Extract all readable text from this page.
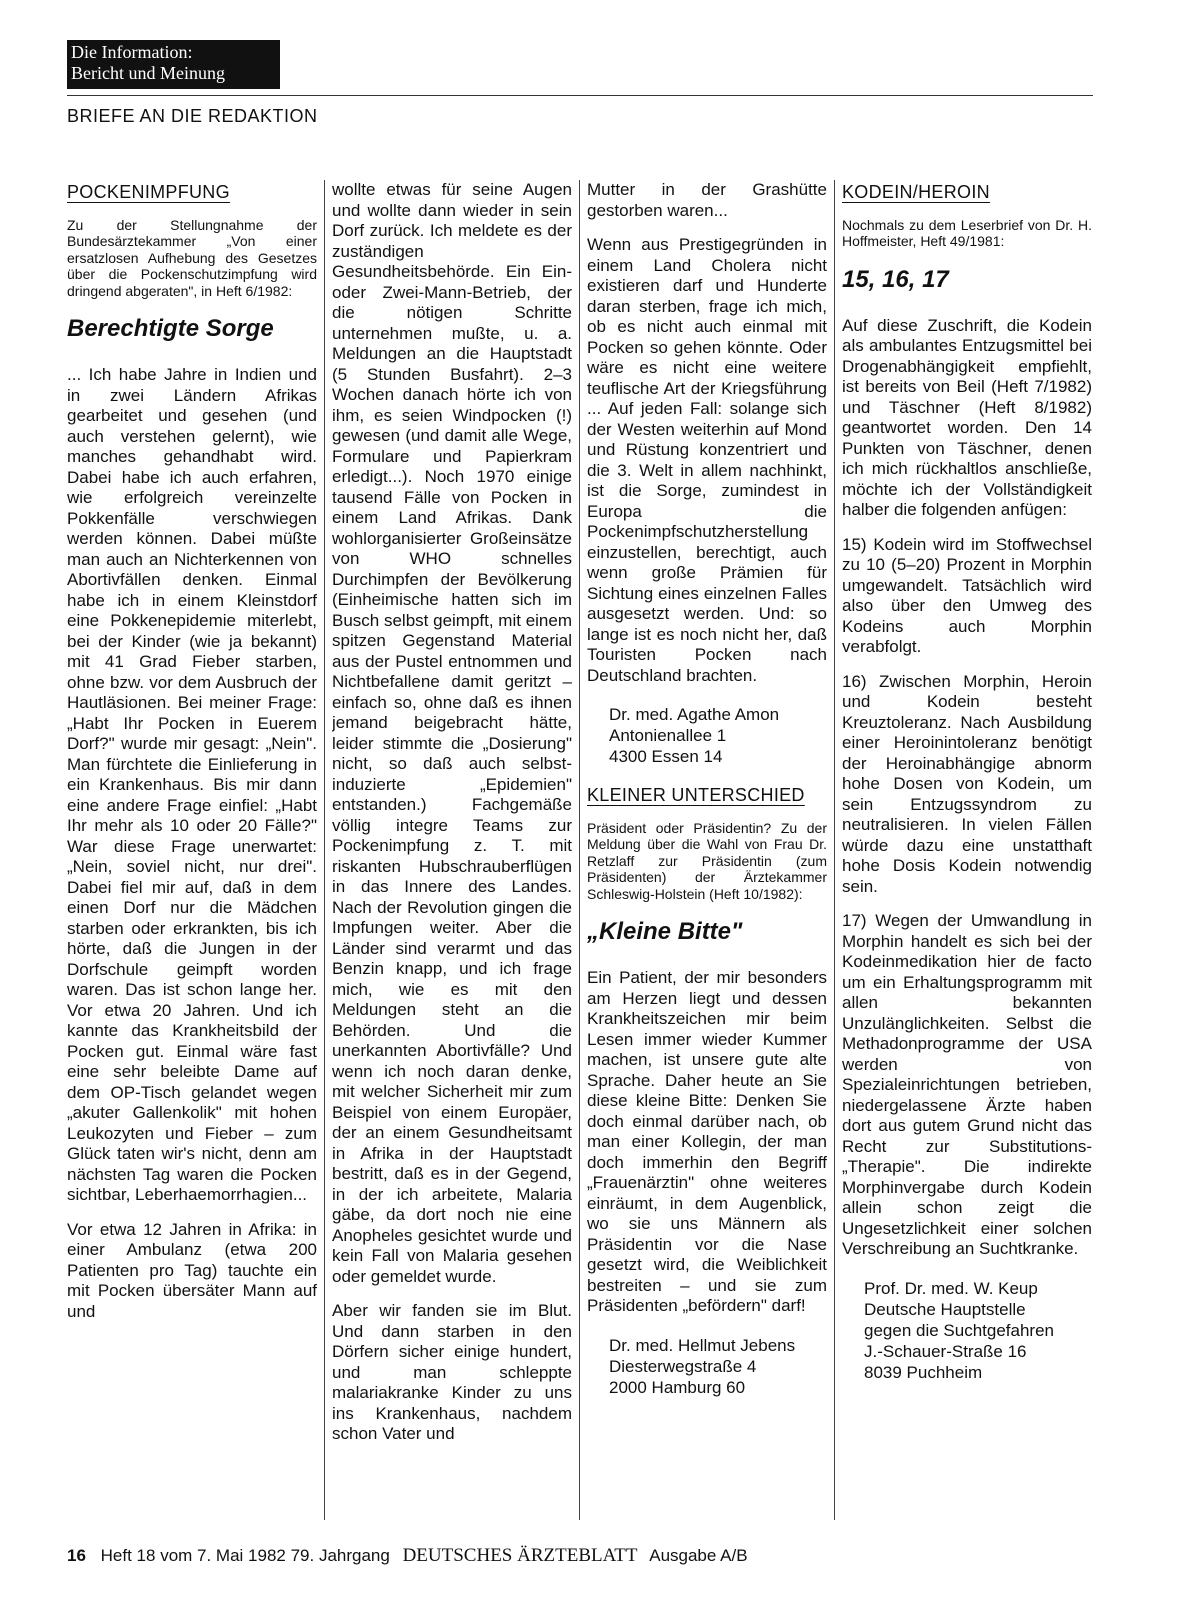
Die Information:
Bericht und Meinung
BRIEFE AN DIE REDAKTION
POCKENIMPFUNG
Zu der Stellungnahme der Bundesärztekammer „Von einer ersatzlosen Aufhebung des Gesetzes über die Pockenschutzimpfung wird dringend abgeraten", in Heft 6/1982:
Berechtigte Sorge

... Ich habe Jahre in Indien und in zwei Ländern Afrikas gearbeitet und gesehen (und auch verstehen gelernt), wie manches gehandhabt wird. Dabei habe ich auch erfahren, wie erfolgreich vereinzelte Pokkenfälle verschwiegen werden können. Dabei müßte man auch an Nichterkennen von Abortivfällen denken. Einmal habe ich in einem Kleinstdorf eine Pokkenepidemie miterlebt, bei der Kinder (wie ja bekannt) mit 41 Grad Fieber starben, ohne bzw. vor dem Ausbruch der Hautläsionen. Bei meiner Frage: „Habt Ihr Pocken in Euerem Dorf?" wurde mir gesagt: „Nein". Man fürchtete die Einlieferung in ein Krankenhaus. Bis mir dann eine andere Frage einfiel: „Habt Ihr mehr als 10 oder 20 Fälle?" War diese Frage unerwartet: „Nein, soviel nicht, nur drei". Dabei fiel mir auf, daß in dem einen Dorf nur die Mädchen starben oder erkrankten, bis ich hörte, daß die Jungen in der Dorfschule geimpft worden waren. Das ist schon lange her. Vor etwa 20 Jahren. Und ich kannte das Krankheitsbild der Pocken gut. Einmal wäre fast eine sehr beleibte Dame auf dem OP-Tisch gelandet wegen „akuter Gallenkolik" mit hohen Leukozyten und Fieber – zum Glück taten wir's nicht, denn am nächsten Tag waren die Pocken sichtbar, Leberhaemorrhagien...

Vor etwa 12 Jahren in Afrika: in einer Ambulanz (etwa 200 Patienten pro Tag) tauchte ein mit Pocken übersäter Mann auf und

wollte etwas für seine Augen und wollte dann wieder in sein Dorf zurück. Ich meldete es der zuständigen Gesundheitsbehörde. Ein Ein- oder Zwei-Mann-Betrieb, der die nötigen Schritte unternehmen mußte, u. a. Meldungen an die Hauptstadt (5 Stunden Busfahrt). 2–3 Wochen danach hörte ich von ihm, es seien Windpocken (!) gewesen (und damit alle Wege, Formulare und Papierkram erledigt...). Noch 1970 einige tausend Fälle von Pocken in einem Land Afrikas. Dank wohlorganisierter Großeinsätze von WHO schnelles Durchimpfen der Bevölkerung (Einheimische hatten sich im Busch selbst geimpft, mit einem spitzen Gegenstand Material aus der Pustel entnommen und Nichtbefallene damit geritzt – einfach so, ohne daß es ihnen jemand beigebracht hätte, leider stimmte die „Dosierung" nicht, so daß auch selbst-induzierte „Epidemien" entstanden.) Fachgemäße völlig integre Teams zur Pockenimpfung z. T. mit riskanten Hubschrauberflügen in das Innere des Landes. Nach der Revolution gingen die Impfungen weiter. Aber die Länder sind verarmt und das Benzin knapp, und ich frage mich, wie es mit den Meldungen steht an die Behörden. Und die unerkannten Abortivfälle? Und wenn ich noch daran denke, mit welcher Sicherheit mir zum Beispiel von einem Europäer, der an einem Gesundheitsamt in Afrika in der Hauptstadt bestritt, daß es in der Gegend, in der ich arbeitete, Malaria gäbe, da dort noch nie eine Anopheles gesichtet wurde und kein Fall von Malaria gesehen oder gemeldet wurde.

Aber wir fanden sie im Blut. Und dann starben in den Dörfern sicher einige hundert, und man schleppte malariakranke Kinder zu uns ins Krankenhaus, nachdem schon Vater und

Mutter in der Grashütte gestorben waren...

Wenn aus Prestigegründen in einem Land Cholera nicht existieren darf und Hunderte daran sterben, frage ich mich, ob es nicht auch einmal mit Pocken so gehen könnte. Oder wäre es nicht eine weitere teuflische Art der Kriegsführung ... Auf jeden Fall: solange sich der Westen weiterhin auf Mond und Rüstung konzentriert und die 3. Welt in allem nachhinkt, ist die Sorge, zumindest in Europa die Pockenimpfschutzherstellung einzustellen, berechtigt, auch wenn große Prämien für Sichtung eines einzelnen Falles ausgesetzt werden. Und: so lange ist es noch nicht her, daß Touristen Pocken nach Deutschland brachten.

Dr. med. Agathe Amon
Antonienallee 1
4300 Essen 14
KLEINER UNTERSCHIED
Präsident oder Präsidentin? Zu der Meldung über die Wahl von Frau Dr. Retzlaff zur Präsidentin (zum Präsidenten) der Ärztekammer Schleswig-Holstein (Heft 10/1982):
„Kleine Bitte"

Ein Patient, der mir besonders am Herzen liegt und dessen Krankheitszeichen mir beim Lesen immer wieder Kummer machen, ist unsere gute alte Sprache. Daher heute an Sie diese kleine Bitte: Denken Sie doch einmal darüber nach, ob man einer Kollegin, der man doch immerhin den Begriff „Frauenärztin" ohne weiteres einräumt, in dem Augenblick, wo sie uns Männern als Präsidentin vor die Nase gesetzt wird, die Weiblichkeit bestreiten – und sie zum Präsidenten „befördern" darf!

Dr. med. Hellmut Jebens
Diesterwegstraße 4
2000 Hamburg 60
KODEIN/HEROIN
Nochmals zu dem Leserbrief von Dr. H. Hoffmeister, Heft 49/1981:
15, 16, 17

Auf diese Zuschrift, die Kodein als ambulantes Entzugsmittel bei Drogenabhängigkeit empfiehlt, ist bereits von Beil (Heft 7/1982) und Täschner (Heft 8/1982) geantwortet worden. Den 14 Punkten von Täschner, denen ich mich rückhaltlos anschließe, möchte ich der Vollständigkeit halber die folgenden anfügen:

15) Kodein wird im Stoffwechsel zu 10 (5–20) Prozent in Morphin umgewandelt. Tatsächlich wird also über den Umweg des Kodeins auch Morphin verabfolgt.

16) Zwischen Morphin, Heroin und Kodein besteht Kreuztoleranz. Nach Ausbildung einer Heroinintoleranz benötigt der Heroinabhängige abnorm hohe Dosen von Kodein, um sein Entzugssyndrom zu neutralisieren. In vielen Fällen würde dazu eine unstatthaft hohe Dosis Kodein notwendig sein.

17) Wegen der Umwandlung in Morphin handelt es sich bei der Kodeinmedikation hier de facto um ein Erhaltungsprogramm mit allen bekannten Unzulänglichkeiten. Selbst die Methadonprogramme der USA werden von Spezialeinrichtungen betrieben, niedergelassene Ärzte haben dort aus gutem Grund nicht das Recht zur Substitutions-„Therapie". Die indirekte Morphinvergabe durch Kodein allein schon zeigt die Ungesetzlichkeit einer solchen Verschreibung an Suchtkranke.

Prof. Dr. med. W. Keup
Deutsche Hauptstelle
gegen die Suchtgefahren
J.-Schauer-Straße 16
8039 Puchheim
16 Heft 18 vom 7. Mai 1982 79. Jahrgang DEUTSCHES ÄRZTEBLATT Ausgabe A/B
